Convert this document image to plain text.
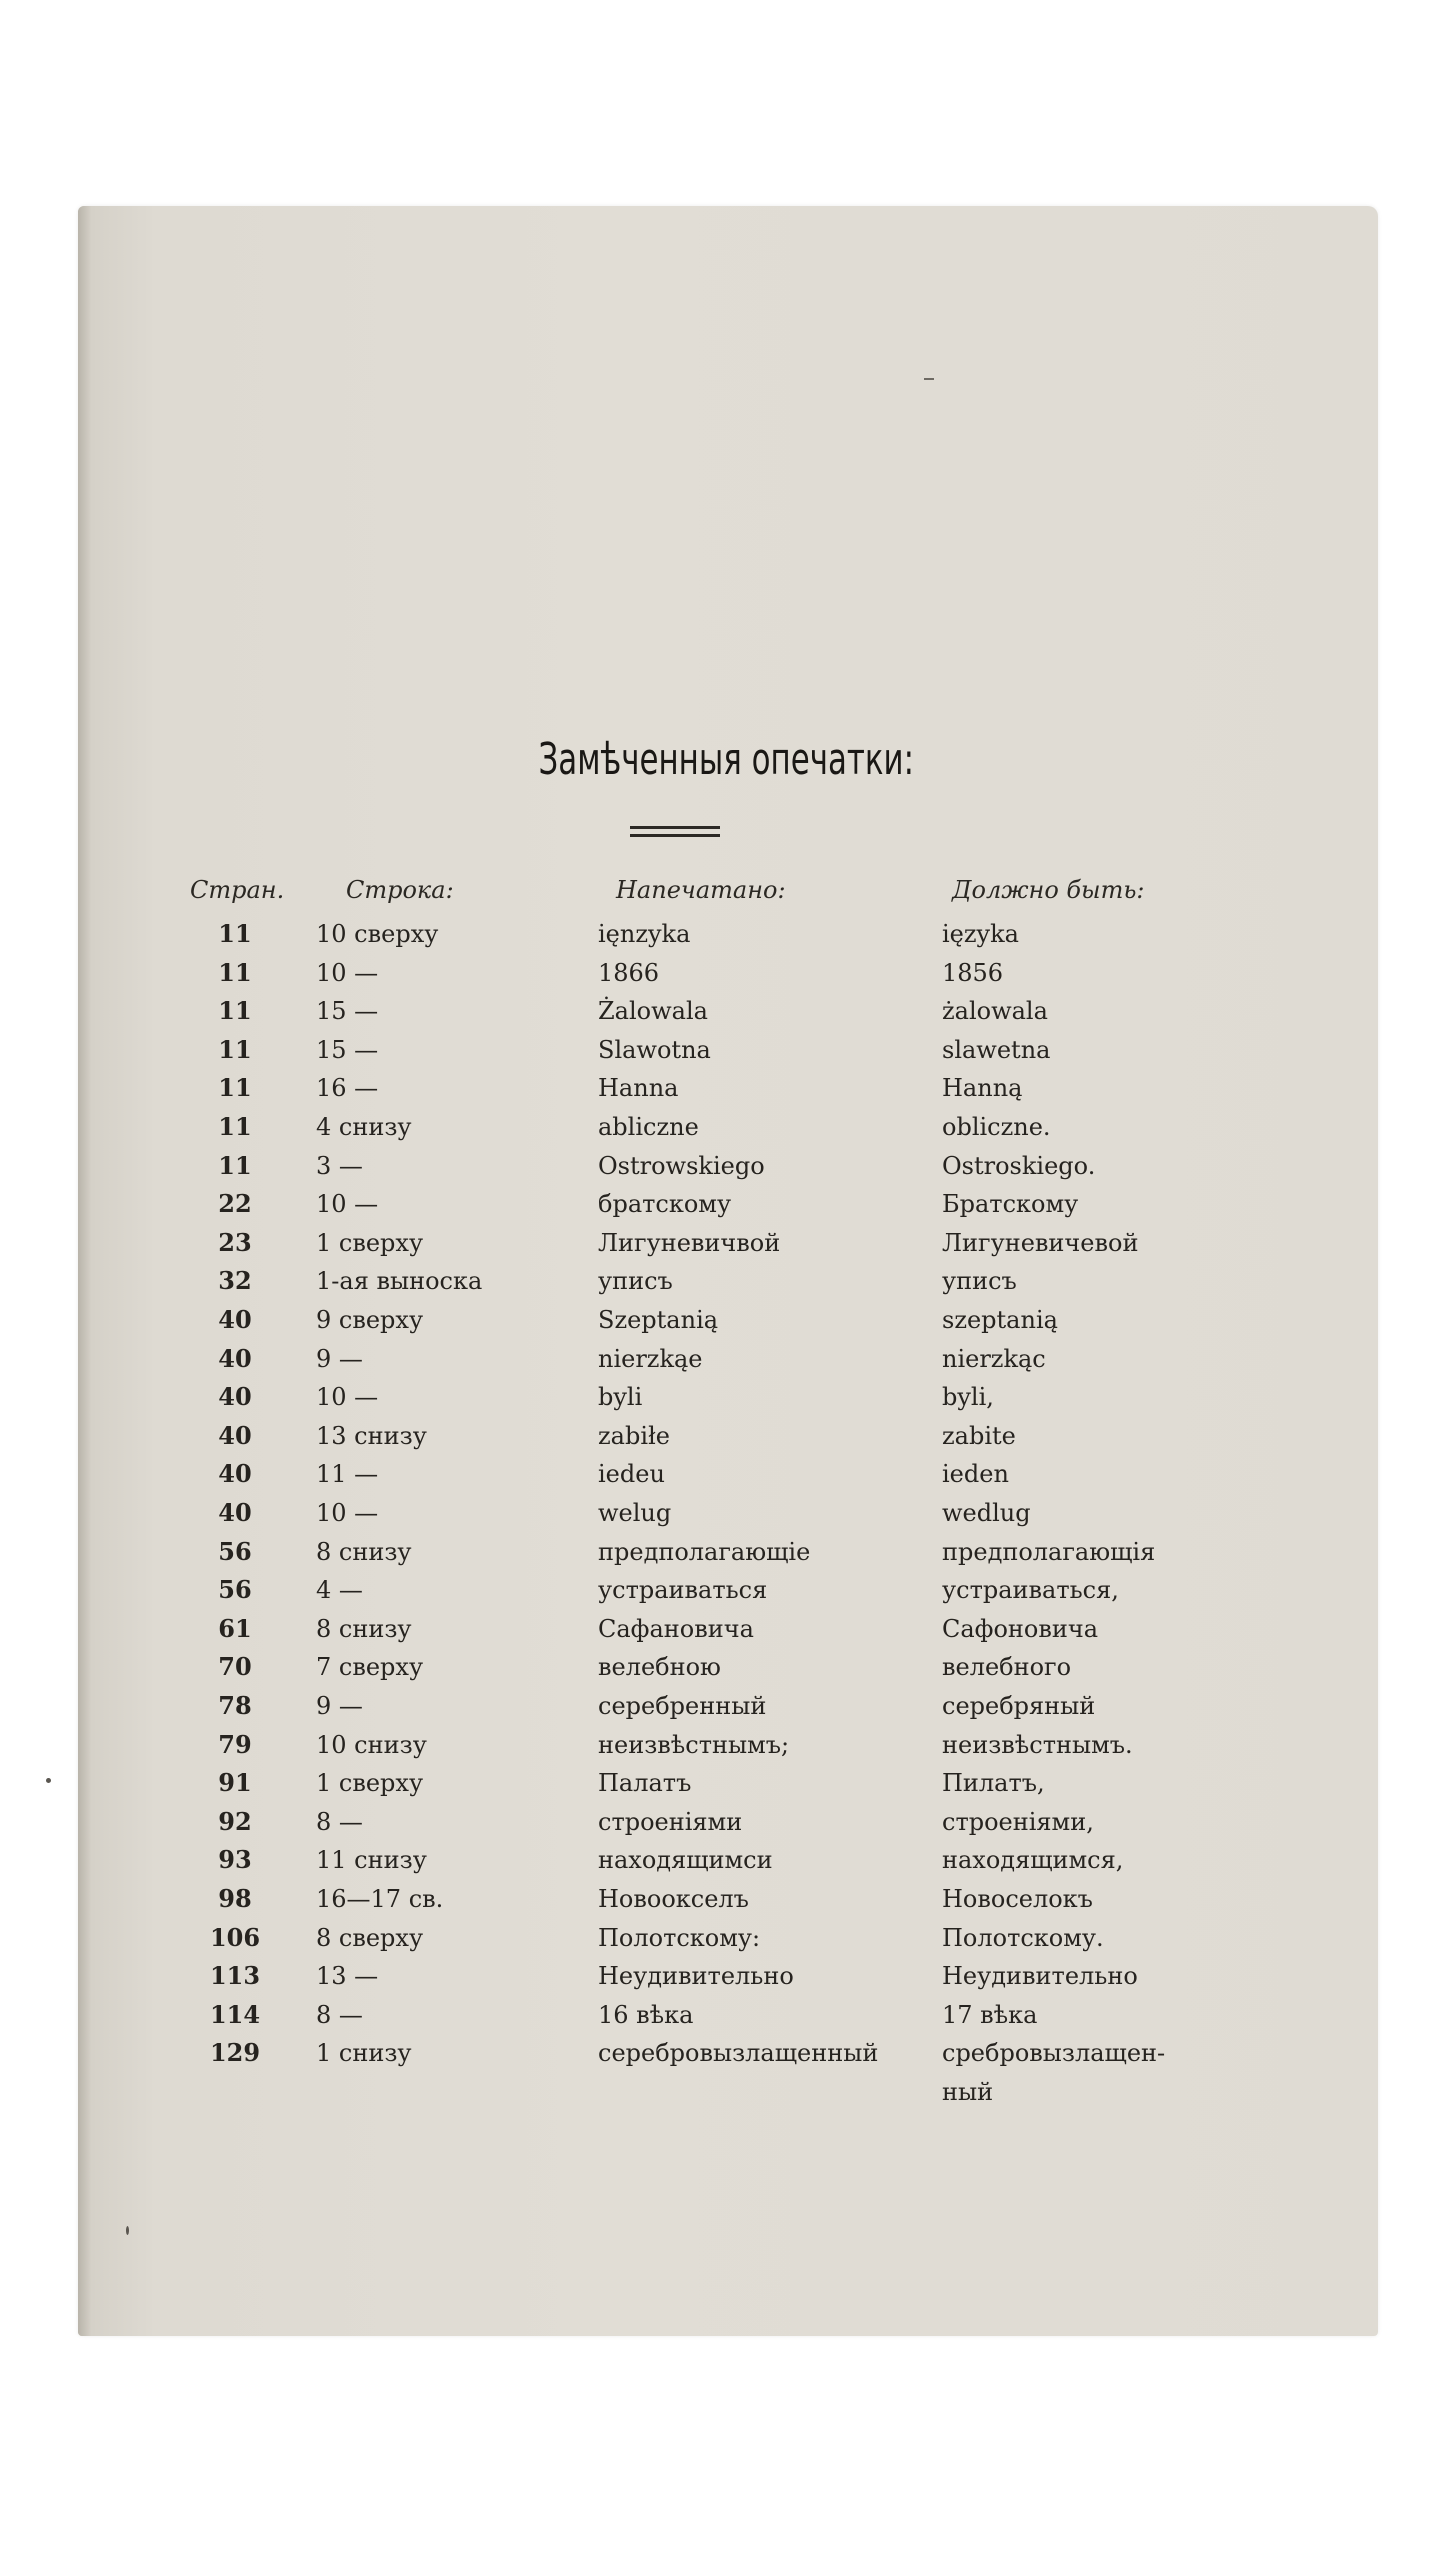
Замѣченныя опечатки:
Стран.	Строка:	Напечатано:	Должно быть:
11	10 сверху	ięnzyka	ięzyka
11	10 —	1866	1856
11	15 —	Żalowala	żalowala
11	15 —	Slawotna	slawetna
11	16 —	Hanna	Hanną
11	4 снизу	abliczne	obliczne.
11	3 —	Ostrowskiego	Ostroskiego.
22	10 —	братскому	Братскому
23	1 сверху	Лигуневичвой	Лигуневичевой
32	1-ая выноска	уписъ	уписъ
40	9 сверху	Szeptanią	szeptanią
40	9 —	nierzkąe	nierzkąc
40	10 —	byli	byli,
40	13 снизу	zabiłe	zabite
40	11 —	iedeu	ieden
40	10 —	welug	wedlug
56	8 снизу	предполагающіе	предполагающія
56	4 —	устраиваться	устраиваться,
61	8 снизу	Сафановича	Сафоновича
70	7 сверху	велебною	велебного
78	9 —	серебренный	серебряный
79	10 снизу	неизвѣстнымъ;	неизвѣстнымъ.
91	1 сверху	Палатъ	Пилатъ,
92	8 —	строенiями	строенiями,
93	11 снизу	находящимси	находящимся,
98	16—17 св.	Новоокселъ	Новоселокъ
106	8 сверху	Полотскому:	Полотскому.
113	13 —	Неудивительно	Неудивительно
114	8 —	16 вѣка	17 вѣка
129	1 снизу	серебровызлащенный	сребровызлащен-
ный
